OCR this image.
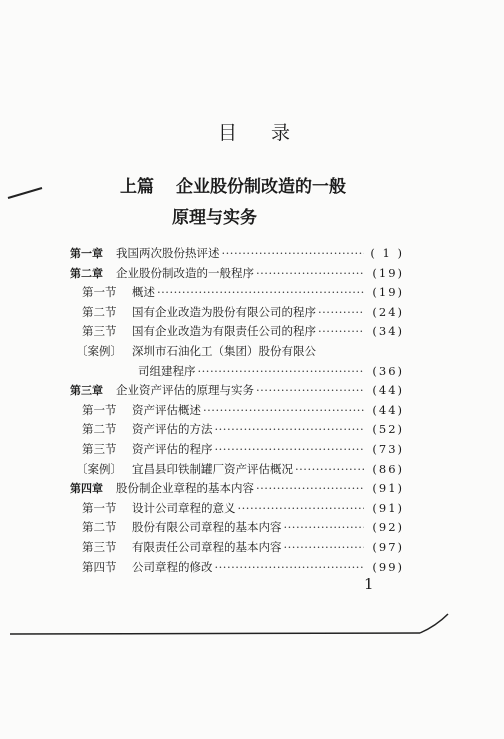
目 录
上篇 企业股份制改造的一般
原理与实务
第一章	我国两次股份热评述 ·····	( 1 )
第二章	企业股份制改造的一般程序 ·····	(19)
第一节	概述 ·····	(19)
第二节	国有企业改造为股份有限公司的程序 ·····	(24)
第三节	国有企业改造为有限责任公司的程序 ·····	(34)
〔案例〕 深圳市石油化工（集团）股份有限公
司组建程序 ·····	(36)
第三章	企业资产评估的原理与实务 ·····	(44)
第一节	资产评估概述 ·····	(44)
第二节	资产评估的方法 ·····	(52)
第三节	资产评估的程序 ·····	(73)
〔案例〕 宜昌县印铁制罐厂资产评估概况 ·····	(86)
第四章	股份制企业章程的基本内容 ·····	(91)
第一节	设计公司章程的意义 ·····	(91)
第二节	股份有限公司章程的基本内容 ·····	(92)
第三节	有限责任公司章程的基本内容 ·····	(97)
第四节	公司章程的修改 ·····	(99)
1
